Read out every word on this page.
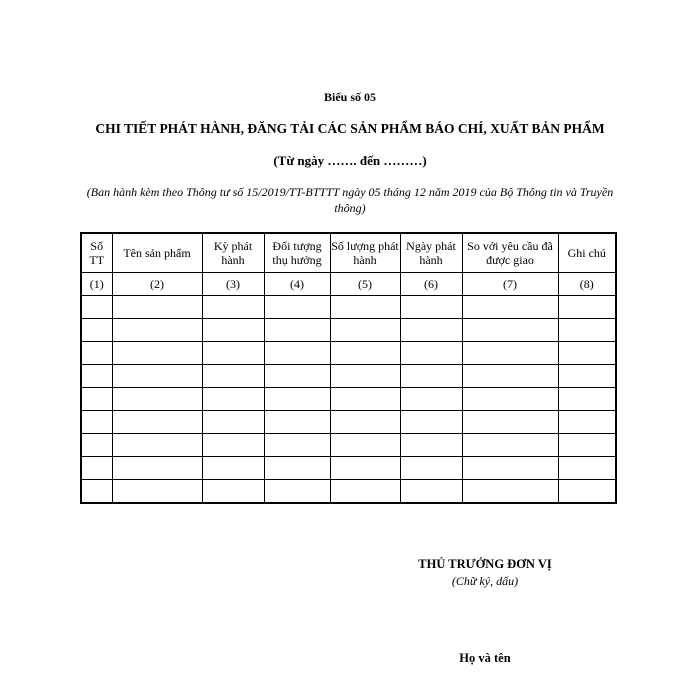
Biểu số 05
CHI TIẾT PHÁT HÀNH, ĐĂNG TẢI CÁC SẢN PHẨM BÁO CHÍ, XUẤT BẢN PHẨM
(Từ ngày ……. đến ………)
(Ban hành kèm theo Thông tư số 15/2019/TT-BTTTT ngày 05 tháng 12 năm 2019 của Bộ Thông tin và Truyền thông)
Số TT	Tên sản phẩm	Kỳ phát hành	Đối tượng thụ hưởng	Số lượng phát hành	Ngày phát hành	So với yêu cầu đã được giao	Ghi chú
(1)	(2)	(3)	(4)	(5)	(6)	(7)	(8)

THỦ TRƯỞNG ĐƠN VỊ
(Chữ ký, dấu)
Họ và tên
